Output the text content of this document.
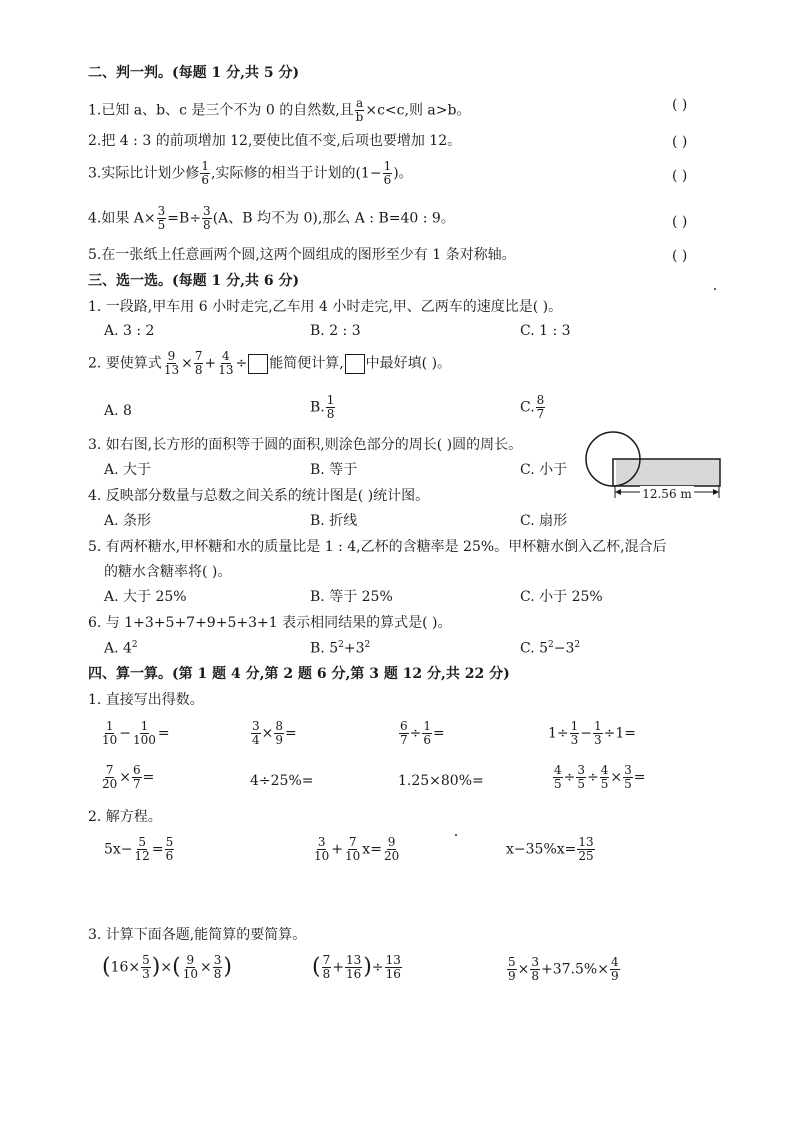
二、判一判。(每题 1 分,共 5 分)
1.已知 a、b、c 是三个不为 0 的自然数,且 $\frac{a}{b} \times c<c$,则 a>b。	( )
2.把 4 : 3 的前项增加 12,要使比值不变,后项也要增加 12。	( )
3.实际比计划少修 $\frac{1}{6}$ ,实际修的相当于计划的($1- \frac{1}{6}$ )。	( )
4.如果 $A\times \frac{3}{5} =B\div \frac{3}{8} (A$、B 均不为 0),那么 A : B=40 : 9。	( )
5.在一张纸上任意画两个圆,这两个圆组成的图形至少有 1 条对称轴。	( )
三、选一选。(每题 1 分,共 6 分)
1. 一段路,甲车用 6 小时走完,乙车用 4 小时走完,甲、乙两车的速度比是( )。
A. 3 : 2	B. 2 : 3	C. 1 : 3
2. 要使算式 $\frac{9}{13} \times \frac{7}{8} + \frac{4}{13}$ ÷ 能简便计算, 中最好填( )。
A. 8	B. $\frac{1}{8}$	C. $\frac{8}{7}$
3. 如右图,长方形的面积等于圆的面积,则涂色部分的周长( )圆的周长。
A. 大于	B. 等于	C. 小于
12.56 m
4. 反映部分数量与总数之间关系的统计图是( )统计图。
A. 条形	B. 折线	C. 扇形
5. 有两杯糖水,甲杯糖和水的质量比是 1 : 4,乙杯的含糖率是 25%。甲杯糖水倒入乙杯,混合后
的糖水含糖率将( )。
A. 大于 25%	B. 等于 25%	C. 小于 25%
6. 与 1+3+5+7+9+5+3+1 表示相同结果的算式是( )。
A. $4^2$	B. $5^2+3^2$	C. $5^2-3^2$
四、算一算。(第 1 题 4 分,第 2 题 6 分,第 3 题 12 分,共 22 分)
1. 直接写出得数。
$\frac{1}{10} - \frac{1}{100}$ =	$\frac{3}{4} \times \frac{8}{9}$ =	$\frac{6}{7} \div \frac{1}{6}$ =	$1\div \frac{1}{3} - \frac{1}{3} \div 1=$
$\frac{7}{20} \times \frac{6}{7}$ =	4÷25%=	1.25×80%=	$\frac{4}{5} \div \frac{3}{5} \div \frac{4}{5} \times \frac{3}{5}$ =
2. 解方程。
$5x- \frac{5}{12} = \frac{5}{6}$	$\frac{3}{10} + \frac{7}{10} x= \frac{9}{20}$	$x-35\%x= \frac{13}{25}$
3. 计算下面各题,能简算的要简算。
($16\times \frac{5}{3}$ )×( $\frac{9}{10} \times \frac{3}{8}$ )	( $\frac{7}{8} + \frac{13}{16}$ )÷ $\frac{13}{16}$	$\frac{5}{9} \times \frac{3}{8} +37.5\%\times \frac{4}{9}$
